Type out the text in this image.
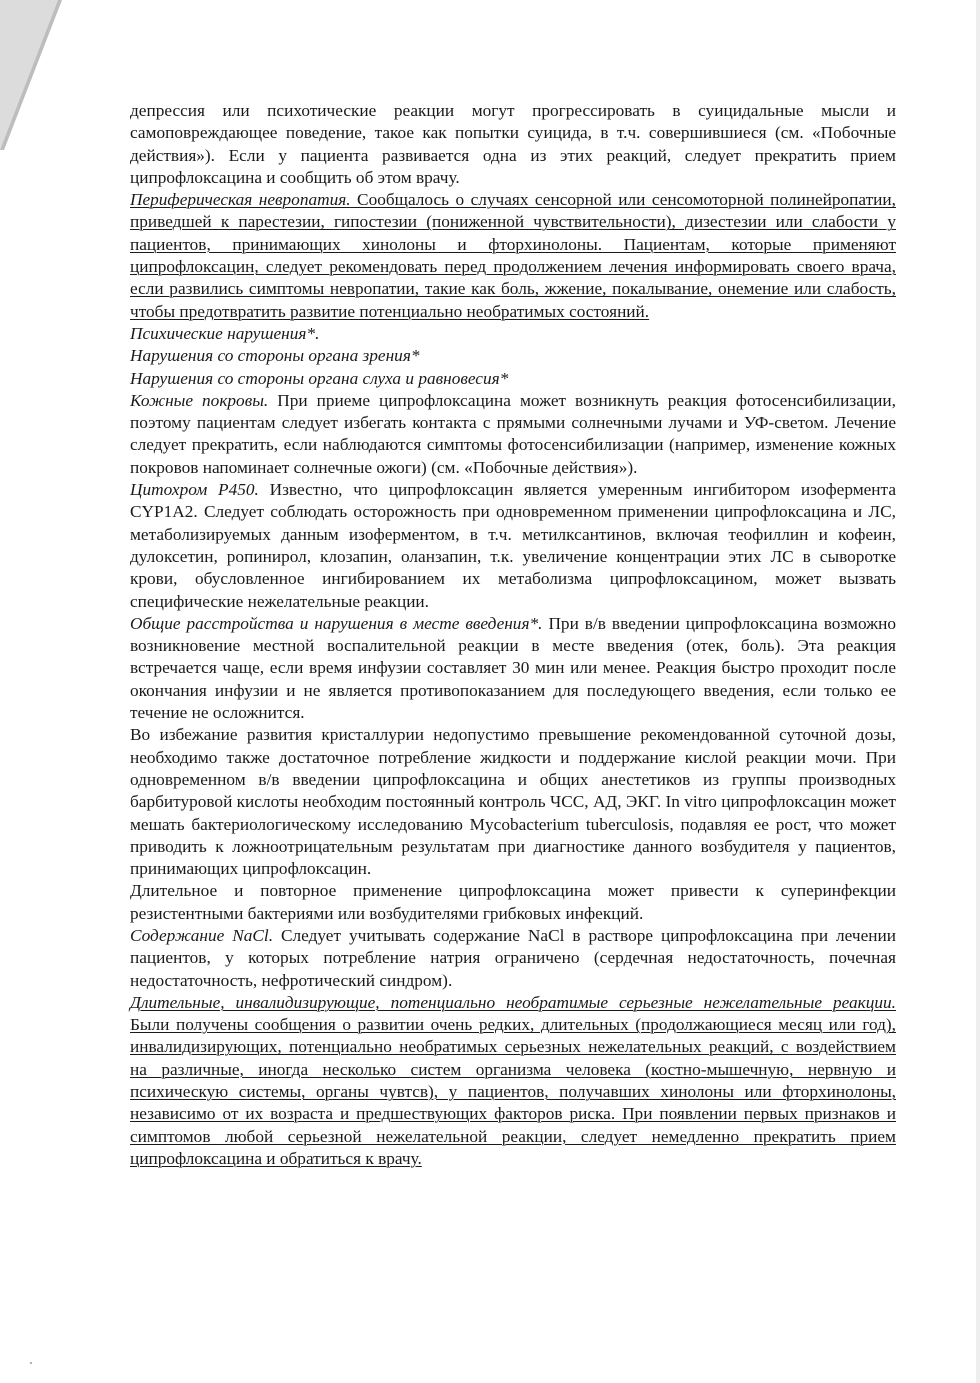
депрессия или психотические реакции могут прогрессировать в суицидальные мысли и самоповреждающее поведение, такое как попытки суицида, в т.ч. совершившиеся (см. «Побочные действия»). Если у пациента развивается одна из этих реакций, следует прекратить прием ципрофлоксацина и сообщить об этом врачу.

Периферическая невропатия. Сообщалось о случаях сенсорной или сенсомоторной полинейропатии, приведшей к парестезии, гипостезии (пониженной чувствительности), дизестезии или слабости у пациентов, принимающих хинолоны и фторхинолоны. Пациентам, которые применяют ципрофлоксацин, следует рекомендовать перед продолжением лечения информировать своего врача, если развились симптомы невропатии, такие как боль, жжение, покалывание, онемение или слабость, чтобы предотвратить развитие потенциально необратимых состояний.

Психические нарушения*.

Нарушения со стороны органа зрения*

Нарушения со стороны органа слуха и равновесия*

Кожные покровы. При приеме ципрофлоксацина может возникнуть реакция фотосенсибилизации, поэтому пациентам следует избегать контакта с прямыми солнечными лучами и УФ-светом. Лечение следует прекратить, если наблюдаются симптомы фотосенсибилизации (например, изменение кожных покровов напоминает солнечные ожоги) (см. «Побочные действия»).

Цитохром Р450. Известно, что ципрофлоксацин является умеренным ингибитором изофермента CYP1A2. Следует соблюдать осторожность при одновременном применении ципрофлоксацина и ЛС, метаболизируемых данным изоферментом, в т.ч. метилксантинов, включая теофиллин и кофеин, дулоксетин, ропинирол, клозапин, оланзапин, т.к. увеличение концентрации этих ЛС в сыворотке крови, обусловленное ингибированием их метаболизма ципрофлоксацином, может вызвать специфические нежелательные реакции.

Общие расстройства и нарушения в месте введения*. При в/в введении ципрофлоксацина возможно возникновение местной воспалительной реакции в месте введения (отек, боль). Эта реакция встречается чаще, если время инфузии составляет 30 мин или менее. Реакция быстро проходит после окончания инфузии и не является противопоказанием для последующего введения, если только ее течение не осложнится.

Во избежание развития кристаллурии недопустимо превышение рекомендованной суточной дозы, необходимо также достаточное потребление жидкости и поддержание кислой реакции мочи. При одновременном в/в введении ципрофлоксацина и общих анестетиков из группы производных барбитуровой кислоты необходим постоянный контроль ЧСС, АД, ЭКГ. In vitro ципрофлоксацин может мешать бактериологическому исследованию Mycobacterium tuberculosis, подавляя ее рост, что может приводить к ложноотрицательным результатам при диагностике данного возбудителя у пациентов, принимающих ципрофлоксацин.

Длительное и повторное применение ципрофлоксацина может привести к суперинфекции резистентными бактериями или возбудителями грибковых инфекций.

Содержание NaCl. Следует учитывать содержание NaCl в растворе ципрофлоксацина при лечении пациентов, у которых потребление натрия ограничено (сердечная недостаточность, почечная недостаточность, нефротический синдром).

Длительные, инвалидизирующие, потенциально необратимые серьезные нежелательные реакции. Были получены сообщения о развитии очень редких, длительных (продолжающиеся месяц или год), инвалидизирующих, потенциально необратимых серьезных нежелательных реакций, с воздействием на различные, иногда несколько систем организма человека (костно-мышечную, нервную и психическую системы, органы чувтсв), у пациентов, получавших хинолоны или фторхинолоны, независимо от их возраста и предшествующих факторов риска. При появлении первых признаков и симптомов любой серьезной нежелательной реакции, следует немедленно прекратить прием ципрофлоксацина и обратиться к врачу.
